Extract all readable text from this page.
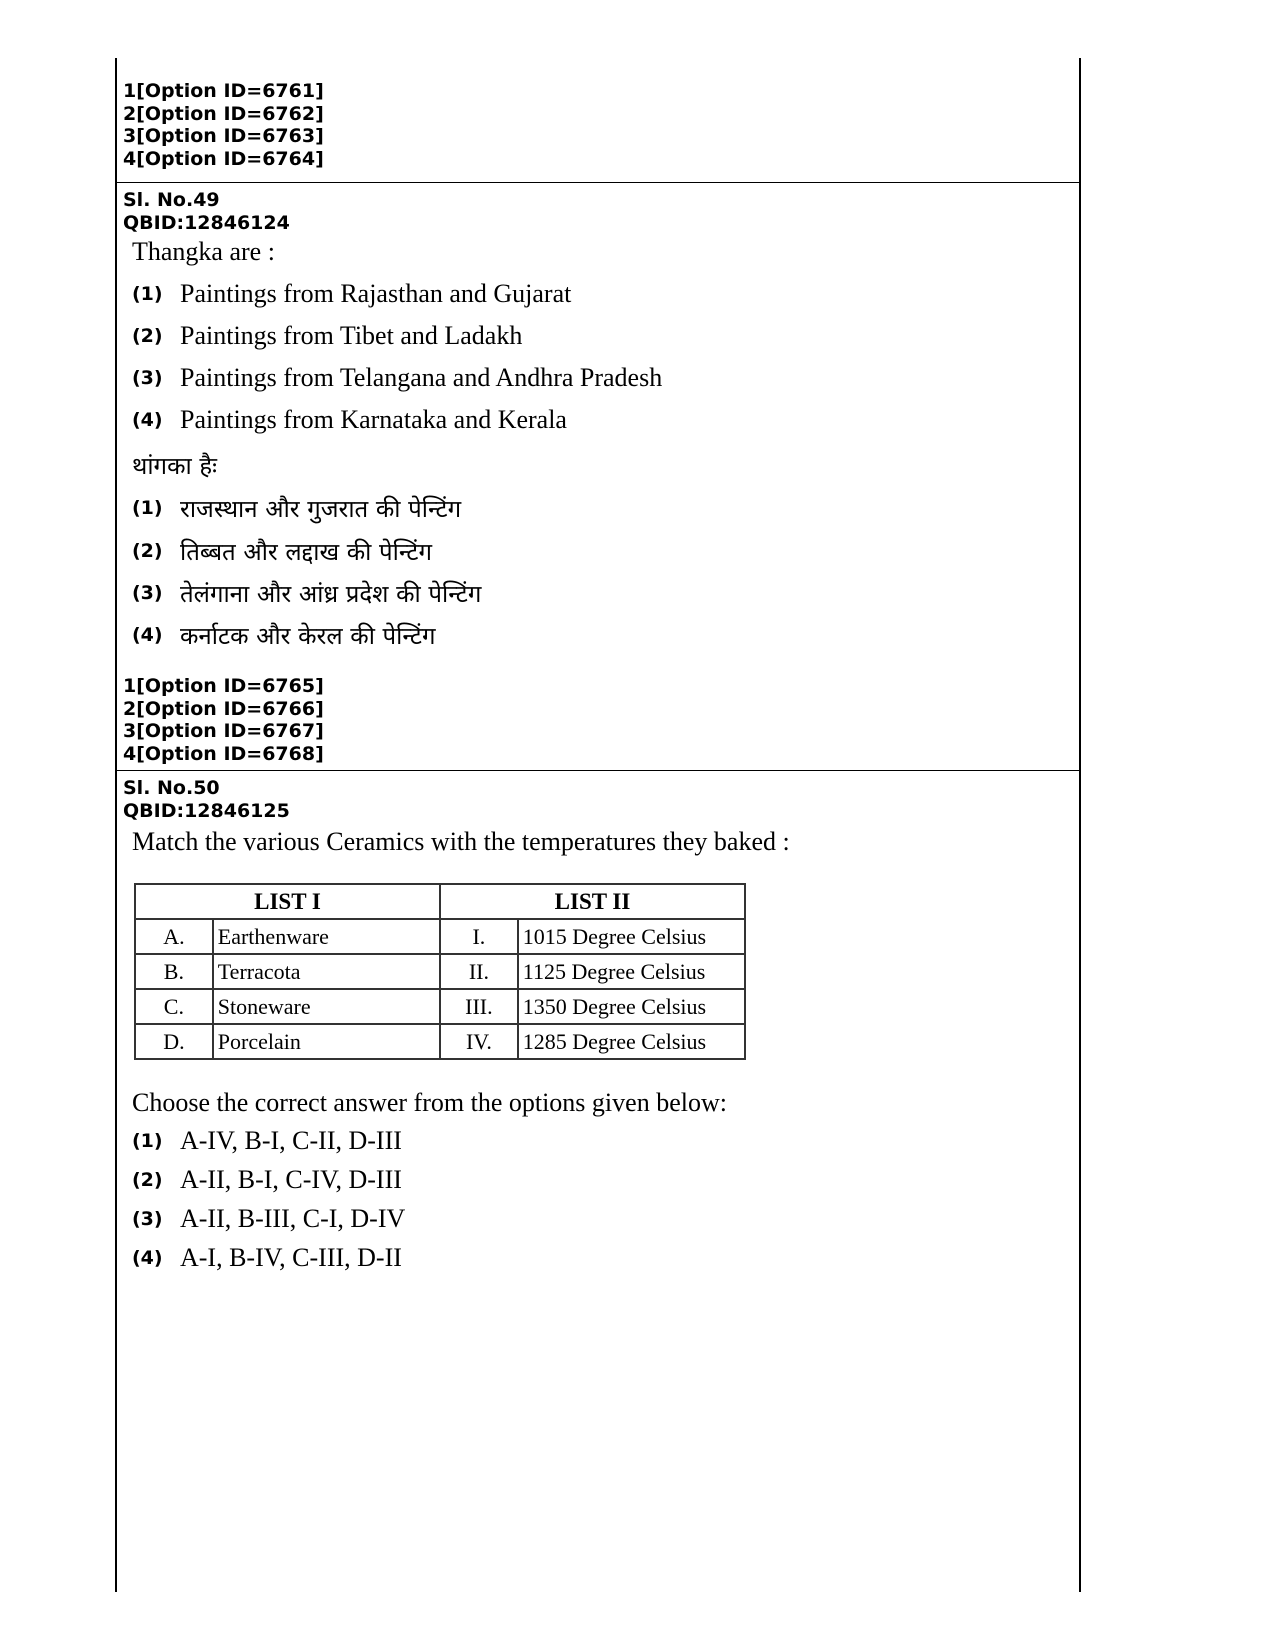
1[Option ID=6761]
2[Option ID=6762]
3[Option ID=6763]
4[Option ID=6764]
Sl. No.49
QBID:12846124
Thangka are :
(1) Paintings from Rajasthan and Gujarat
(2) Paintings from Tibet and Ladakh
(3) Paintings from Telangana and Andhra Pradesh
(4) Paintings from Karnataka and Kerala
थांगका हैः
(1) राजस्थान और गुजरात की पेन्टिंग
(2) तिब्बत और लद्दाख की पेन्टिंग
(3) तेलंगाना और आंध्र प्रदेश की पेन्टिंग
(4) कर्नाटक और केरल की पेन्टिंग
1[Option ID=6765]
2[Option ID=6766]
3[Option ID=6767]
4[Option ID=6768]
Sl. No.50
QBID:12846125
Match the various Ceramics with the temperatures they baked :
LIST I		LIST II	
A.	Earthenware	I.	1015 Degree Celsius
B.	Terracota	II.	1125 Degree Celsius
C.	Stoneware	III.	1350 Degree Celsius
D.	Porcelain	IV.	1285 Degree Celsius
Choose the correct answer from the options given below:
(1) A-IV, B-I, C-II, D-III
(2) A-II, B-I, C-IV, D-III
(3) A-II, B-III, C-I, D-IV
(4) A-I, B-IV, C-III, D-II
